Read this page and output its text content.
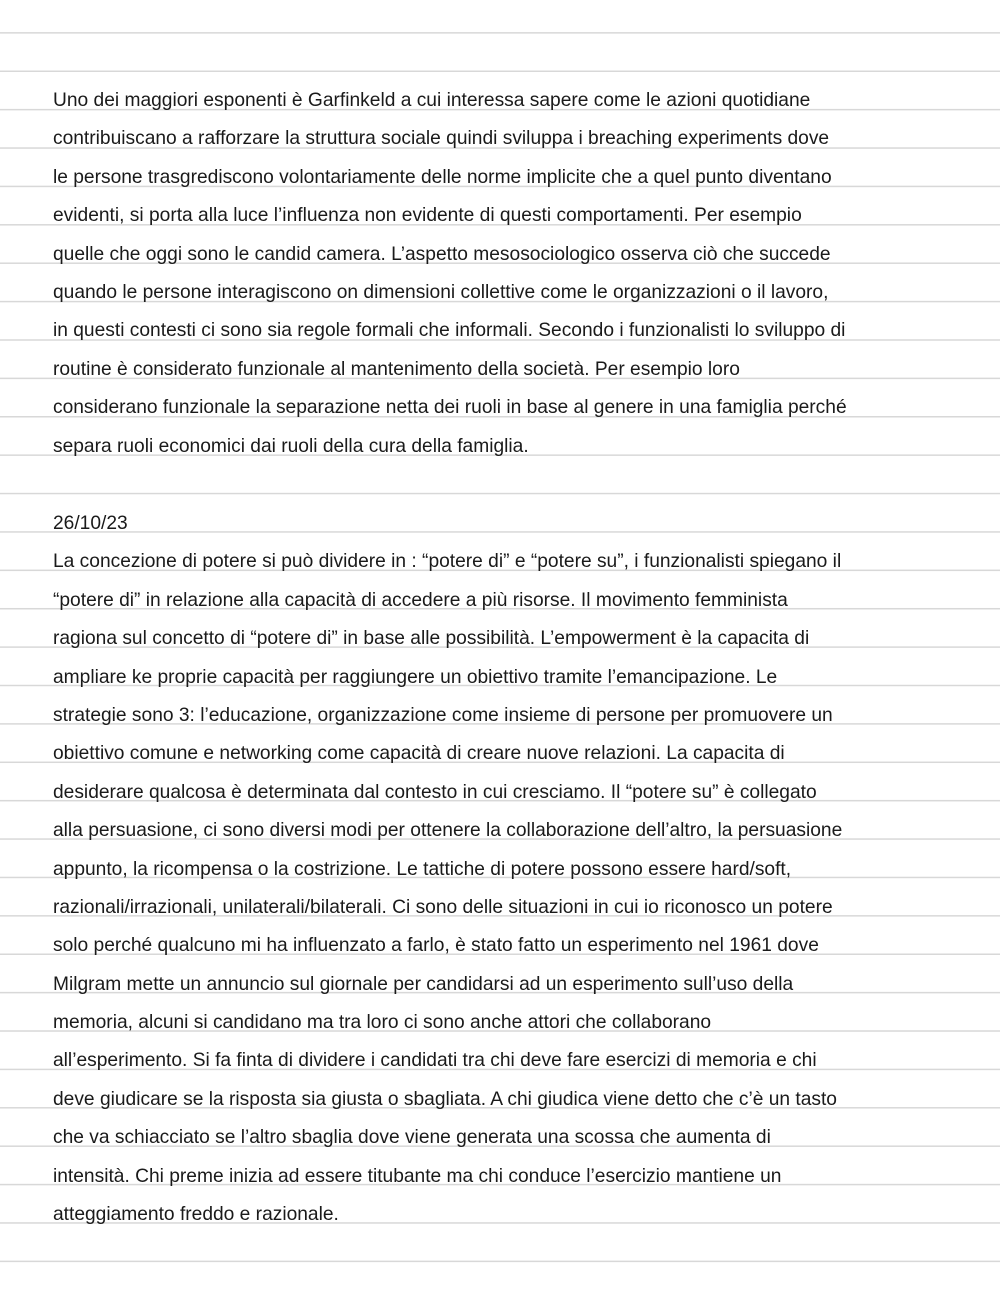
Uno dei maggiori esponenti è Garfinkeld a cui interessa sapere come le azioni quotidiane
contribuiscano a rafforzare la struttura sociale quindi sviluppa i breaching experiments dove
le persone trasgrediscono volontariamente delle norme implicite che a quel punto diventano
evidenti, si porta alla luce l’influenza non evidente di questi comportamenti. Per esempio
quelle che oggi sono le candid camera. L’aspetto mesosociologico osserva ciò che succede
quando le persone interagiscono on dimensioni collettive come le organizzazioni o il lavoro,
in questi contesti ci sono sia regole formali che informali. Secondo i funzionalisti lo sviluppo di
routine è considerato funzionale al mantenimento della società. Per esempio loro
considerano funzionale la separazione netta dei ruoli in base al genere in una famiglia perché
separa ruoli economici dai ruoli della cura della famiglia.
26/10/23
La concezione di potere si può dividere in : “potere di” e “potere su”, i funzionalisti spiegano il
“potere di” in relazione alla capacità di accedere a più risorse. Il movimento femminista
ragiona sul concetto di “potere di” in base alle possibilità. L’empowerment è la capacita di
ampliare ke proprie capacità per raggiungere un obiettivo tramite l’emancipazione. Le
strategie sono 3: l’educazione, organizzazione come insieme di persone per promuovere un
obiettivo comune e networking come capacità di creare nuove relazioni. La capacita di
desiderare qualcosa è determinata dal contesto in cui cresciamo. Il “potere su” è collegato
alla persuasione, ci sono diversi modi per ottenere la collaborazione dell’altro, la persuasione
appunto, la ricompensa o la costrizione. Le tattiche di potere possono essere hard/soft,
razionali/irrazionali, unilaterali/bilaterali. Ci sono delle situazioni in cui io riconosco un potere
solo perché qualcuno mi ha influenzato a farlo, è stato fatto un esperimento nel 1961 dove
Milgram mette un annuncio sul giornale per candidarsi ad un esperimento sull’uso della
memoria, alcuni si candidano ma tra loro ci sono anche attori che collaborano
all’esperimento. Si fa finta di dividere i candidati tra chi deve fare esercizi di memoria e chi
deve giudicare se la risposta sia giusta o sbagliata. A chi giudica viene detto che c’è un tasto
che va schiacciato se l’altro sbaglia dove viene generata una scossa che aumenta di
intensità. Chi preme inizia ad essere titubante ma chi conduce l’esercizio mantiene un
atteggiamento freddo e razionale.
